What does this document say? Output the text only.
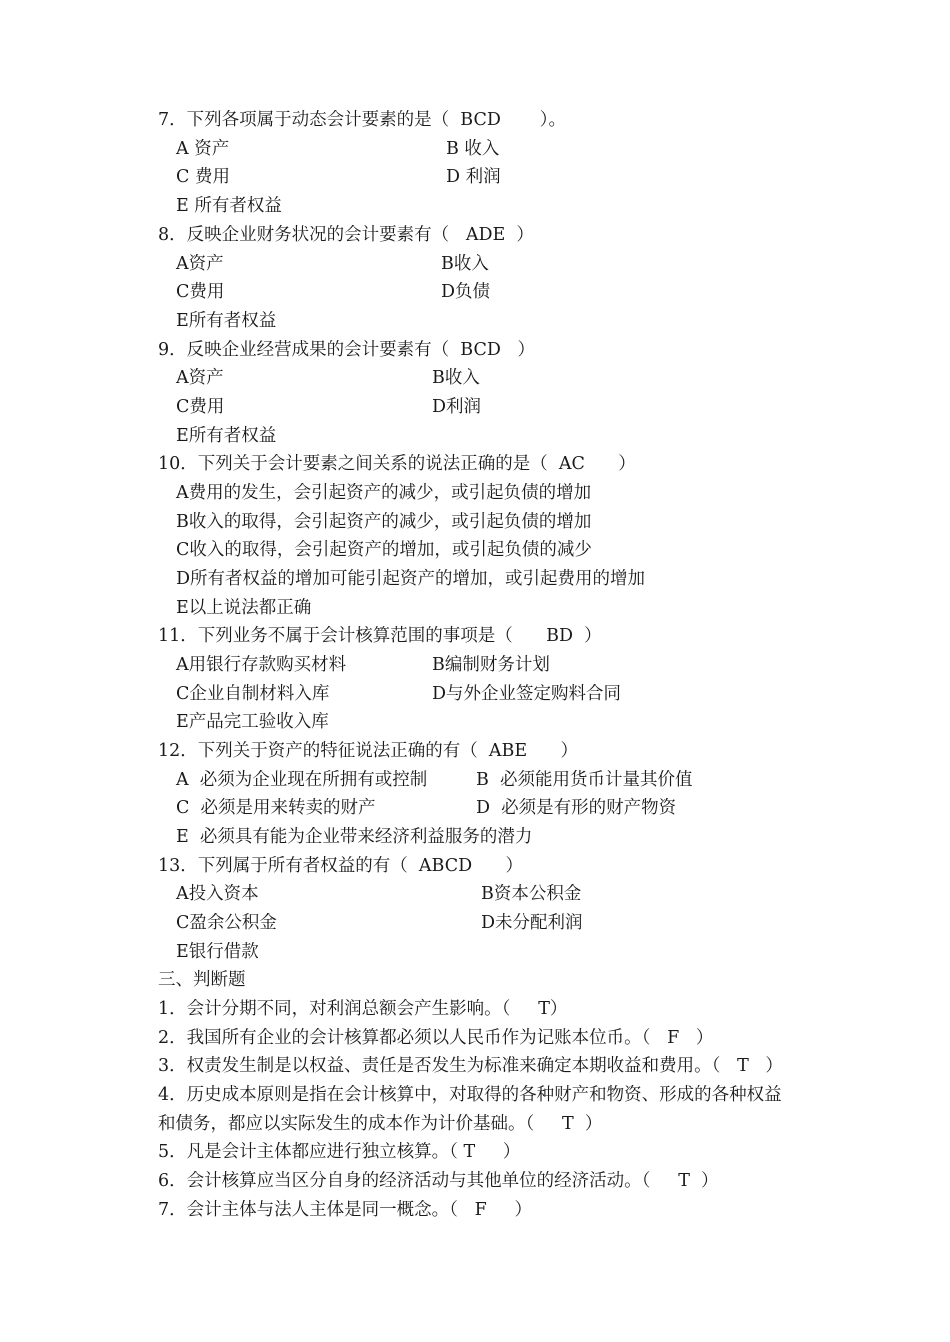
7．下列各项属于动态会计要素的是（  BCD       ）。
A 资产	B 收入
C 费用	D 利润
E 所有者权益
8．反映企业财务状况的会计要素有（   ADE  ）
A资产	B收入
C费用	D负债
E所有者权益
9．反映企业经营成果的会计要素有（  BCD   ）
A资产	B收入
C费用	D利润
E所有者权益
10．下列关于会计要素之间关系的说法正确的是（  AC      ）
A费用的发生，会引起资产的减少，或引起负债的增加
B收入的取得，会引起资产的减少，或引起负债的增加
C收入的取得，会引起资产的增加，或引起负债的减少
D所有者权益的增加可能引起资产的增加，或引起费用的增加
E以上说法都正确
11．下列业务不属于会计核算范围的事项是（      BD  ）
A用银行存款购买材料	B编制财务计划
C企业自制材料入库	D与外企业签定购料合同
E产品完工验收入库
12．下列关于资产的特征说法正确的有（  ABE      ）
A  必须为企业现在所拥有或控制	B  必须能用货币计量其价值
C  必须是用来转卖的财产	D  必须是有形的财产物资
E  必须具有能为企业带来经济利益服务的潜力
13．下列属于所有者权益的有（  ABCD      ）
A投入资本	B资本公积金
C盈余公积金	D未分配利润
E银行借款
三、判断题
1．会计分期不同，对利润总额会产生影响。（     T）
2．我国所有企业的会计核算都必须以人民币作为记账本位币。（   F   ）
3．权责发生制是以权益、责任是否发生为标准来确定本期收益和费用。（   T   ）
4．历史成本原则是指在会计核算中，对取得的各种财产和物资、形成的各种权益
和债务，都应以实际发生的成本作为计价基础。（     T  ）
5．凡是会计主体都应进行独立核算。（ T     ）
6．会计核算应当区分自身的经济活动与其他单位的经济活动。（     T  ）
7．会计主体与法人主体是同一概念。（   F     ）
